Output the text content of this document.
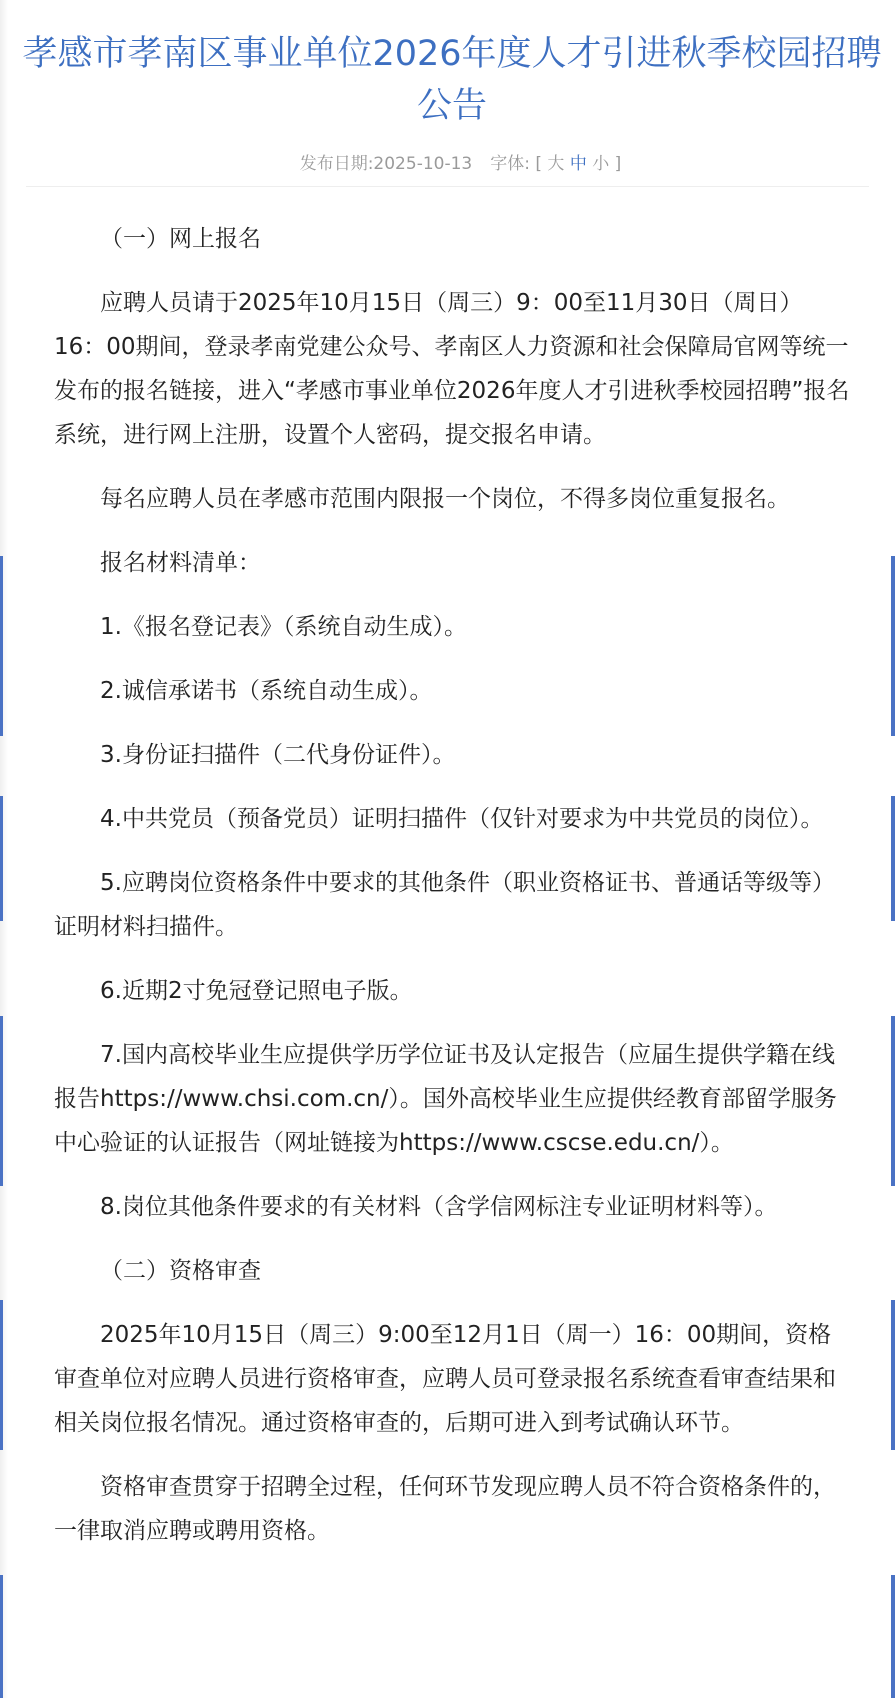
孝感市孝南区事业单位2026年度人才引进秋季校园招聘公告
发布日期:2025-10-13 字体: [ 大 中 小 ]

（一）网上报名

应聘人员请于2025年10月15日（周三）9：00至11月30日（周日）16：00期间，登录孝南党建公众号、孝南区人力资源和社会保障局官网等统一发布的报名链接，进入“孝感市事业单位2026年度人才引进秋季校园招聘”报名系统，进行网上注册，设置个人密码，提交报名申请。

每名应聘人员在孝感市范围内限报一个岗位，不得多岗位重复报名。

报名材料清单：

1.《报名登记表》（系统自动生成）。

2.诚信承诺书（系统自动生成）。

3.身份证扫描件（二代身份证件）。

4.中共党员（预备党员）证明扫描件（仅针对要求为中共党员的岗位）。

5.应聘岗位资格条件中要求的其他条件（职业资格证书、普通话等级等）证明材料扫描件。

6.近期2寸免冠登记照电子版。

7.国内高校毕业生应提供学历学位证书及认定报告（应届生提供学籍在线报告https://www.chsi.com.cn/）。国外高校毕业生应提供经教育部留学服务中心验证的认证报告（网址链接为https://www.cscse.edu.cn/）。

8.岗位其他条件要求的有关材料（含学信网标注专业证明材料等）。

（二）资格审查

2025年10月15日（周三）9:00至12月1日（周一）16：00期间，资格审查单位对应聘人员进行资格审查，应聘人员可登录报名系统查看审查结果和相关岗位报名情况。通过资格审查的，后期可进入到考试确认环节。

资格审查贯穿于招聘全过程，任何环节发现应聘人员不符合资格条件的，一律取消应聘或聘用资格。
